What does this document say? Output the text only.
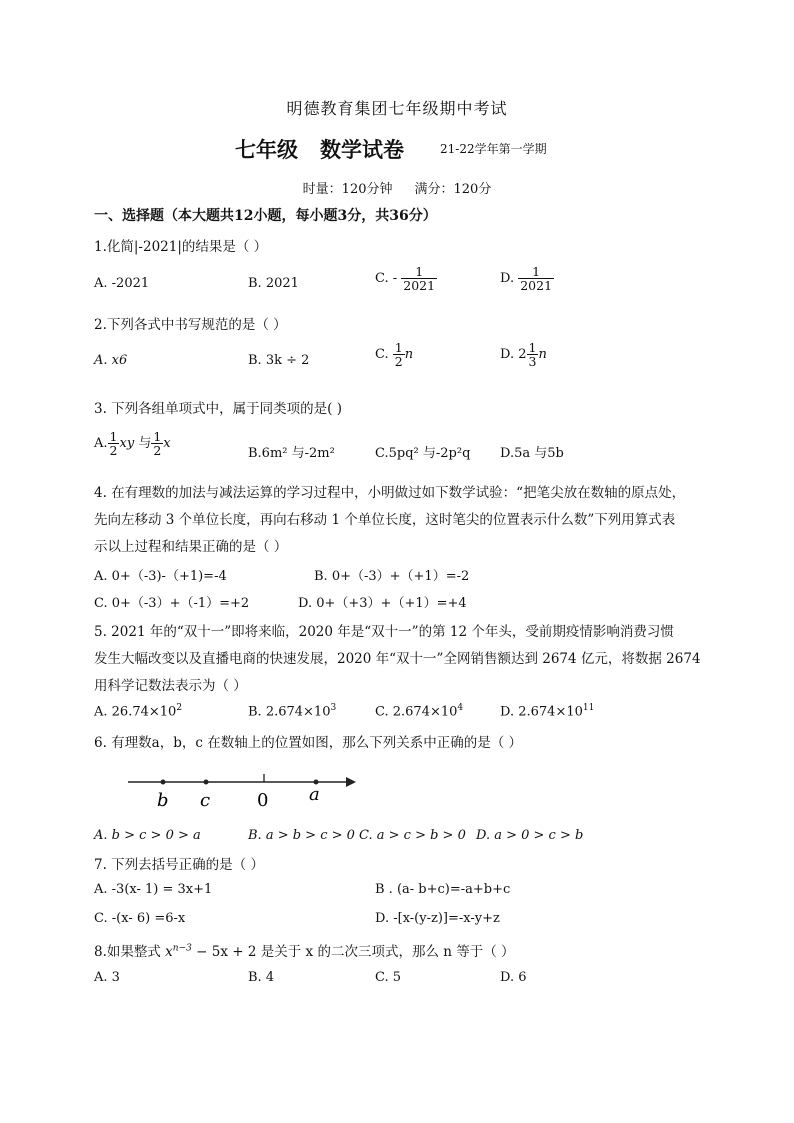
明德教育集团七年级期中考试
七年级 数学试卷	21-22学年第一学期
时量：120分钟 满分：120分
一、选择题（本大题共12小题，每小题3分，共36分）
1.化简|-2021|的结果是（ ）
A. -2021	B. 2021	C. - $\frac{1}{2021}$	D. $\frac{1}{2021}$
2.下列各式中书写规范的是（ ）
A. x6	B. 3k ÷ 2	C. $\frac{1}{2}$ n	D. $2 \frac{1}{3}$ n
3. 下列各组单项式中，属于同类项的是( )
A. $\frac{1}{2}$ xy 与 $\frac{1}{2}$ x
B.6m² 与-2m²	C.5pq² 与-2p²q D.5a 与5b
4. 在有理数的加法与减法运算的学习过程中，小明做过如下数学试验：“把笔尖放在数轴的原点处，
先向左移动 3 个单位长度，再向右移动 1 个单位长度，这时笔尖的位置表示什么数”下列用算式表
示以上过程和结果正确的是（ ）
A. 0+（-3)-（+1)=-4	B. 0+（-3）+（+1）=-2
C. 0+（-3）+（-1）=+2	D. 0+（+3）+（+1）=+4
5. 2021 年的“双十一”即将来临，2020 年是“双十一”的第 12 个年头，受前期疫情影响消费习惯
发生大幅改变以及直播电商的快速发展，2020 年“双十一”全网销售额达到 2674 亿元，将数据 2674
用科学记数法表示为（ ）
A. $26.74\times 10^2$	B. $2.674\times 10^3$	C. $2.674\times 10^4$	D. $2.674\times 10^{11}$
6. 有理数a，b，c 在数轴上的位置如图，那么下列关系中正确的是（ ）
b c	0 a
A. b > c > 0 > a	B. a > b > c > 0 C. a > c > b > 0 D. a > 0 > c > b
7. 下列去括号正确的是（ ）
A. -3(x- 1) = 3x+1	B . (a- b+c)=-a+b+c
C. -(x- 6) =6-x	D. -[x-(y-z)]=-x-y+z
8.如果整式 $x^{n-3} - 5x + 2$ 是关于 x 的二次三项式，那么 n 等于（ ）
A. 3	B. 4	C. 5	D. 6
